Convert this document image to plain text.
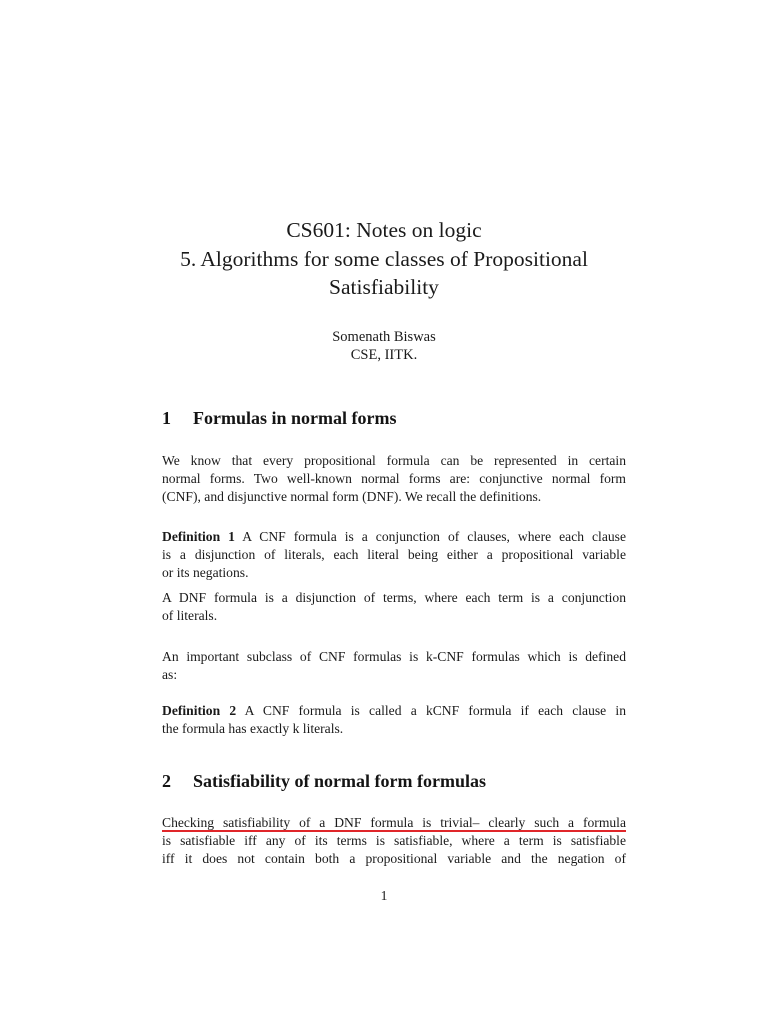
CS601: Notes on logic
5. Algorithms for some classes of Propositional
Satisfiability
Somenath Biswas
CSE, IITK.
1 Formulas in normal forms
We know that every propositional formula can be represented in certain
normal forms. Two well-known normal forms are: conjunctive normal form
(CNF), and disjunctive normal form (DNF). We recall the definitions.
Definition 1 A CNF formula is a conjunction of clauses, where each clause
is a disjunction of literals, each literal being either a propositional variable
or its negations.
A DNF formula is a disjunction of terms, where each term is a conjunction
of literals.
An important subclass of CNF formulas is k-CNF formulas which is defined
as:
Definition 2 A CNF formula is called a kCNF formula if each clause in
the formula has exactly k literals.
2 Satisfiability of normal form formulas
Checking satisfiability of a DNF formula is trivial– clearly such a formula
is satisfiable iff any of its terms is satisfiable, where a term is satisfiable
iff it does not contain both a propositional variable and the negation of
1
